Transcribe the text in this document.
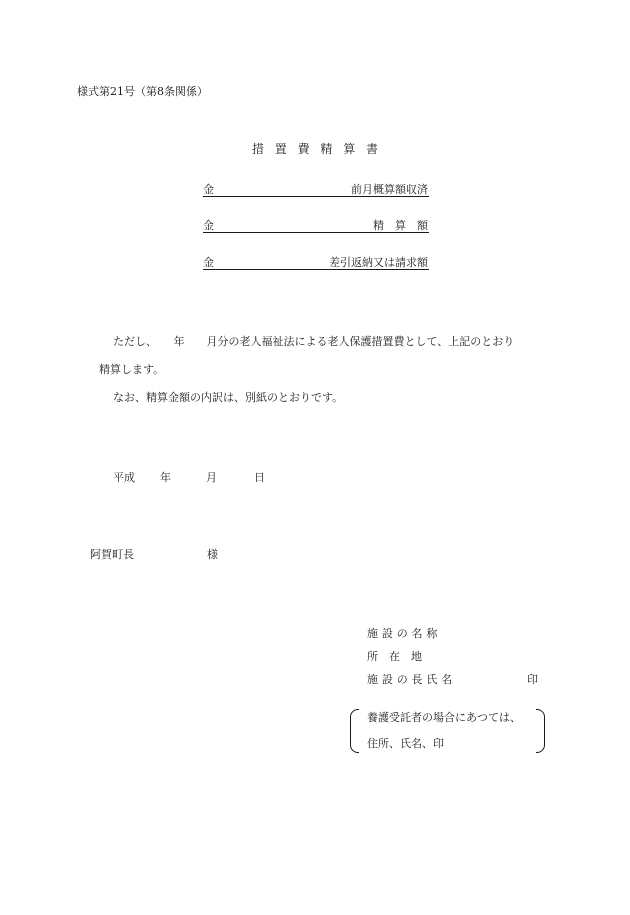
様式第21号（第8条関係）
措置費精算書
金	前月概算額収済
金	精　算　額
金	差引返納又は請求額
ただし、　　年　　月分の老人福祉法による老人保護措置費として、上記のとおり
精算します。
なお、精算金額の内訳は、別紙のとおりです。
平成 年	月	日
阿賀町長	様
施設の名称
所　在　地
施設の長氏名	印
養護受託者の場合にあつては、
住所、氏名、印
